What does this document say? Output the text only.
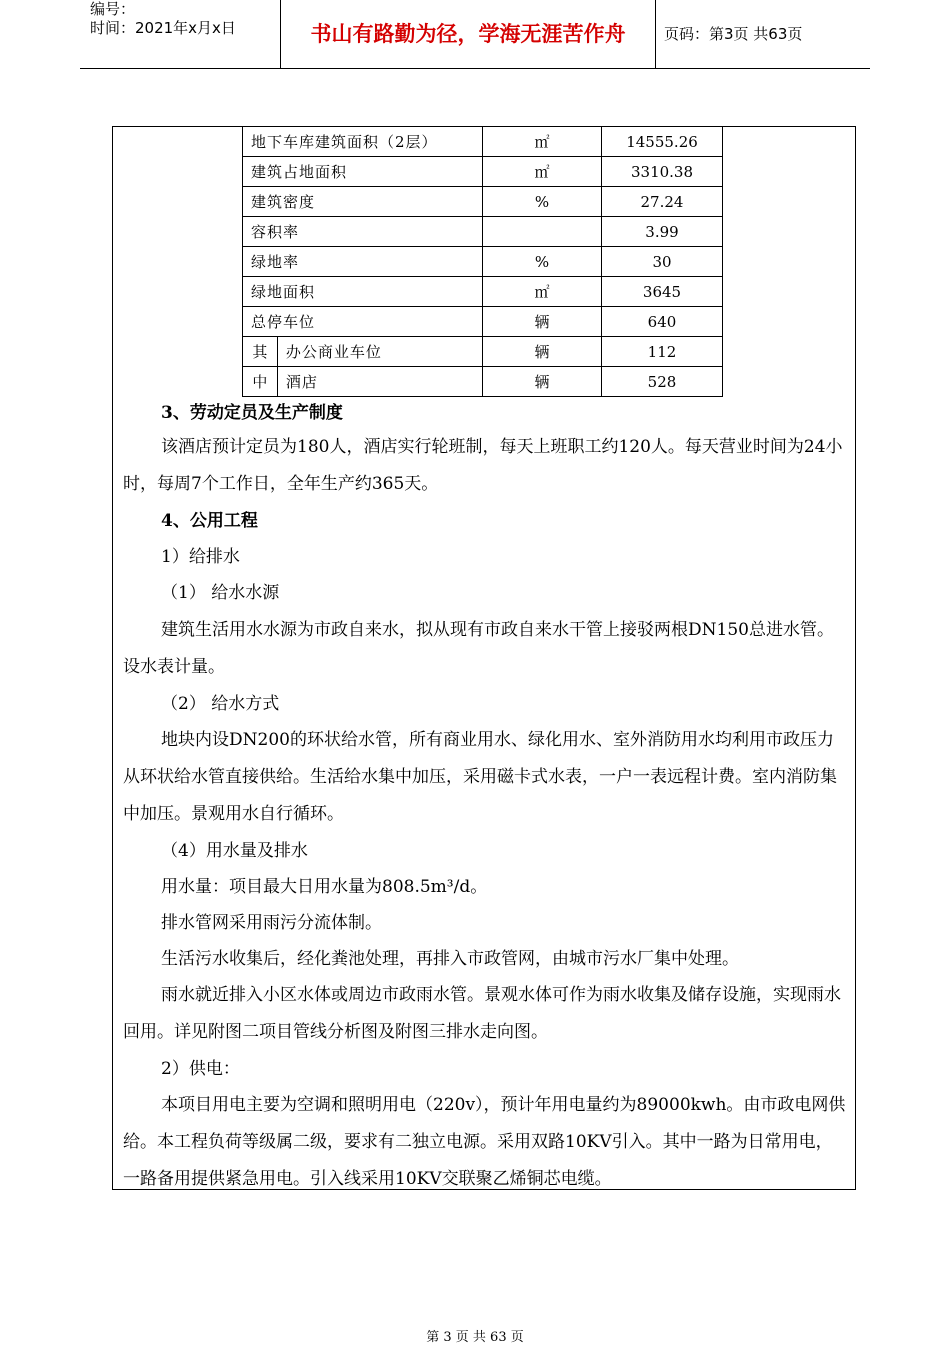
编号：
时间：2021年x月x日	书山有路勤为径，学海无涯苦作舟	页码：第3页 共63页
地下车库建筑面积（2层）		㎡	14555.26
建筑占地面积		㎡	3310.38
建筑密度		%	27.24
容积率			3.99
绿地率		%	30
绿地面积		㎡	3645
总停车位		辆	640
其	办公商业车位	辆	112
中	酒店	辆	528

3、劳动定员及生产制度

该酒店预计定员为180人，酒店实行轮班制，每天上班职工约120人。每天营业时间为24小时，每周7个工作日，全年生产约365天。

4、公用工程

1）给排水

（1） 给水水源

建筑生活用水水源为市政自来水，拟从现有市政自来水干管上接驳两根DN150总进水管。设水表计量。

（2） 给水方式

地块内设DN200的环状给水管，所有商业用水、绿化用水、室外消防用水均利用市政压力从环状给水管直接供给。生活给水集中加压，采用磁卡式水表，一户一表远程计费。室内消防集中加压。景观用水自行循环。

（4）用水量及排水

用水量：项目最大日用水量为808.5m³/d。

排水管网采用雨污分流体制。

生活污水收集后，经化粪池处理，再排入市政管网，由城市污水厂集中处理。

雨水就近排入小区水体或周边市政雨水管。景观水体可作为雨水收集及储存设施，实现雨水回用。详见附图二项目管线分析图及附图三排水走向图。

2）供电：

本项目用电主要为空调和照明用电（220v），预计年用电量约为89000kwh。由市政电网供给。本工程负荷等级属二级，要求有二独立电源。采用双路10KV引入。其中一路为日常用电，一路备用提供紧急用电。引入线采用10KV交联聚乙烯铜芯电缆。

第 3 页 共 63 页
